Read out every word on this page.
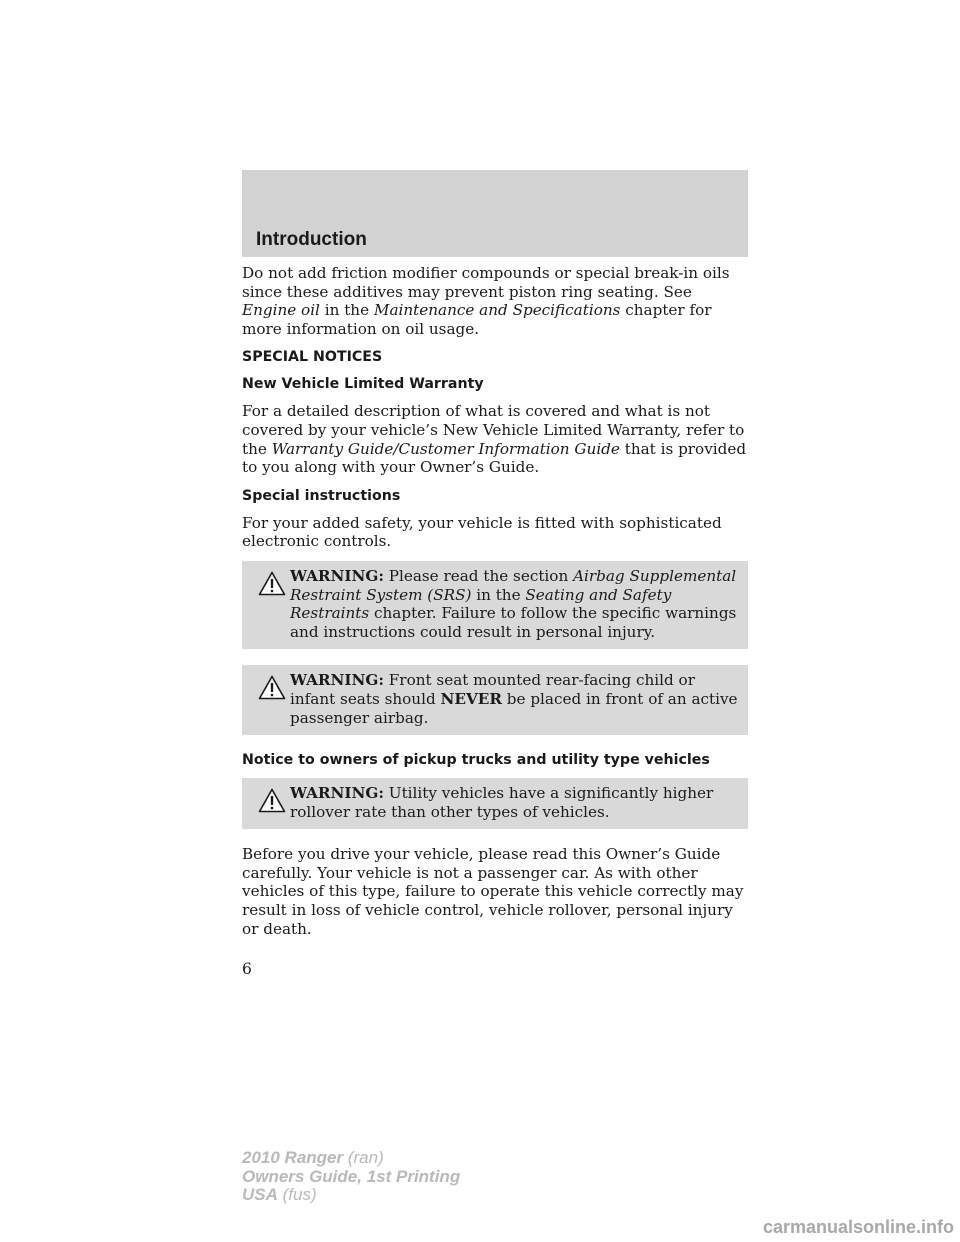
Introduction

Do not add friction modifier compounds or special break-in oils since these additives may prevent piston ring seating. See Engine oil in the Maintenance and Specifications chapter for more information on oil usage.

SPECIAL NOTICES
New Vehicle Limited Warranty

For a detailed description of what is covered and what is not covered by your vehicle’s New Vehicle Limited Warranty, refer to the Warranty Guide/Customer Information Guide that is provided to you along with your Owner’s Guide.

Special instructions

For your added safety, your vehicle is fitted with sophisticated electronic controls.

WARNING: Please read the section Airbag Supplemental Restraint System (SRS) in the Seating and Safety Restraints chapter. Failure to follow the specific warnings and instructions could result in personal injury.

WARNING: Front seat mounted rear-facing child or infant seats should NEVER be placed in front of an active passenger airbag.

Notice to owners of pickup trucks and utility type vehicles

WARNING: Utility vehicles have a significantly higher rollover rate than other types of vehicles.

Before you drive your vehicle, please read this Owner’s Guide carefully. Your vehicle is not a passenger car. As with other vehicles of this type, failure to operate this vehicle correctly may result in loss of vehicle control, vehicle rollover, personal injury or death.

6
2010 Ranger (ran)
Owners Guide, 1st Printing
USA (fus)
carmanualsonline.info
